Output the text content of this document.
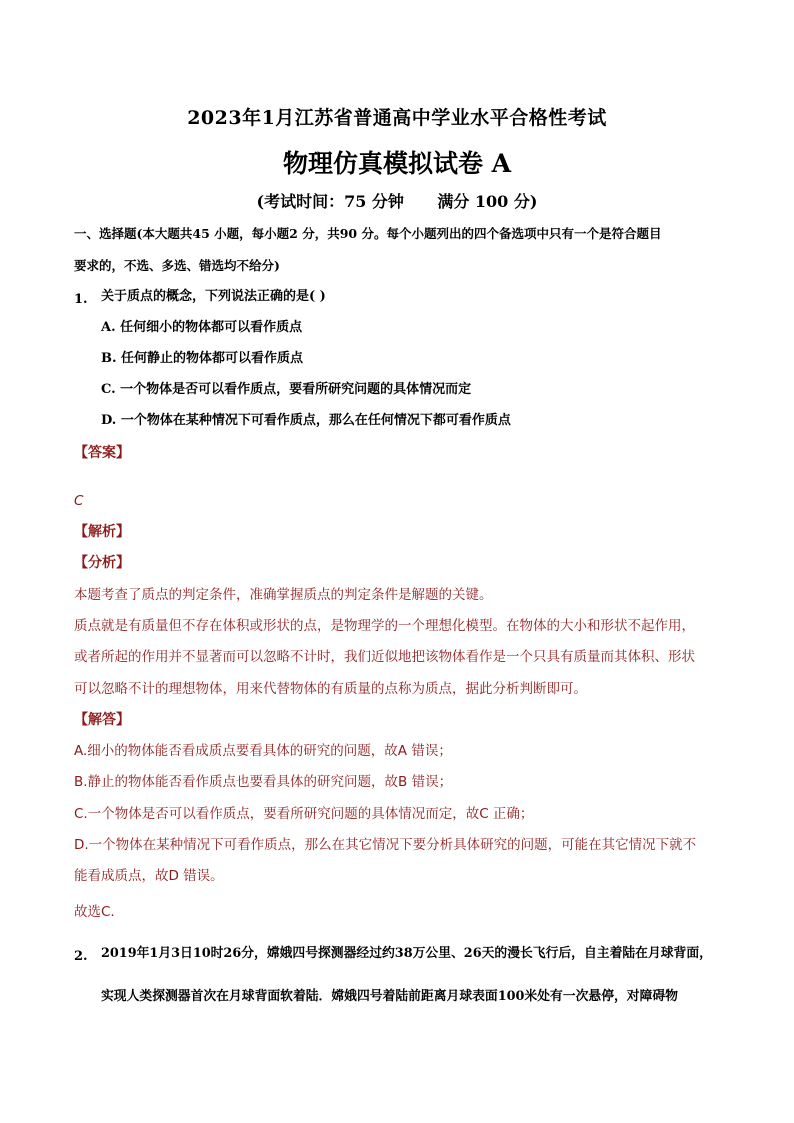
2023年1月江苏省普通高中学业水平合格性考试
物理仿真模拟试卷 A
(考试时间：75 分钟      满分 100 分)
一、选择题(本大题共45 小题，每小题2 分，共90 分。每个小题列出的四个备选项中只有一个是符合题目
要求的，不选、多选、错选均不给分)
1. 关于质点的概念，下列说法正确的是( )
A. 任何细小的物体都可以看作质点
B. 任何静止的物体都可以看作质点
C. 一个物体是否可以看作质点，要看所研究问题的具体情况而定
D. 一个物体在某种情况下可看作质点，那么在任何情况下都可看作质点
【答案】
C
【解析】
【分析】
本题考查了质点的判定条件，准确掌握质点的判定条件是解题的关键。
质点就是有质量但不存在体积或形状的点，是物理学的一个理想化模型。在物体的大小和形状不起作用，
或者所起的作用并不显著而可以忽略不计时，我们近似地把该物体看作是一个只具有质量而其体积、形状
可以忽略不计的理想物体，用来代替物体的有质量的点称为质点，据此分析判断即可。
【解答】
A.细小的物体能否看成质点要看具体的研究的问题，故A 错误；
B.静止的物体能否看作质点也要看具体的研究问题，故B 错误；
C.一个物体是否可以看作质点，要看所研究问题的具体情况而定，故C 正确；
D.一个物体在某种情况下可看作质点，那么在其它情况下要分析具体研究的问题，可能在其它情况下就不
能看成质点，故D 错误。
故选C.
2. 2019年1月3日10时26分，嫦娥四号探测器经过约38万公里、26天的漫长飞行后，自主着陆在月球背面，
实现人类探测器首次在月球背面软着陆．嫦娥四号着陆前距离月球表面100米处有一次悬停，对障碍物
